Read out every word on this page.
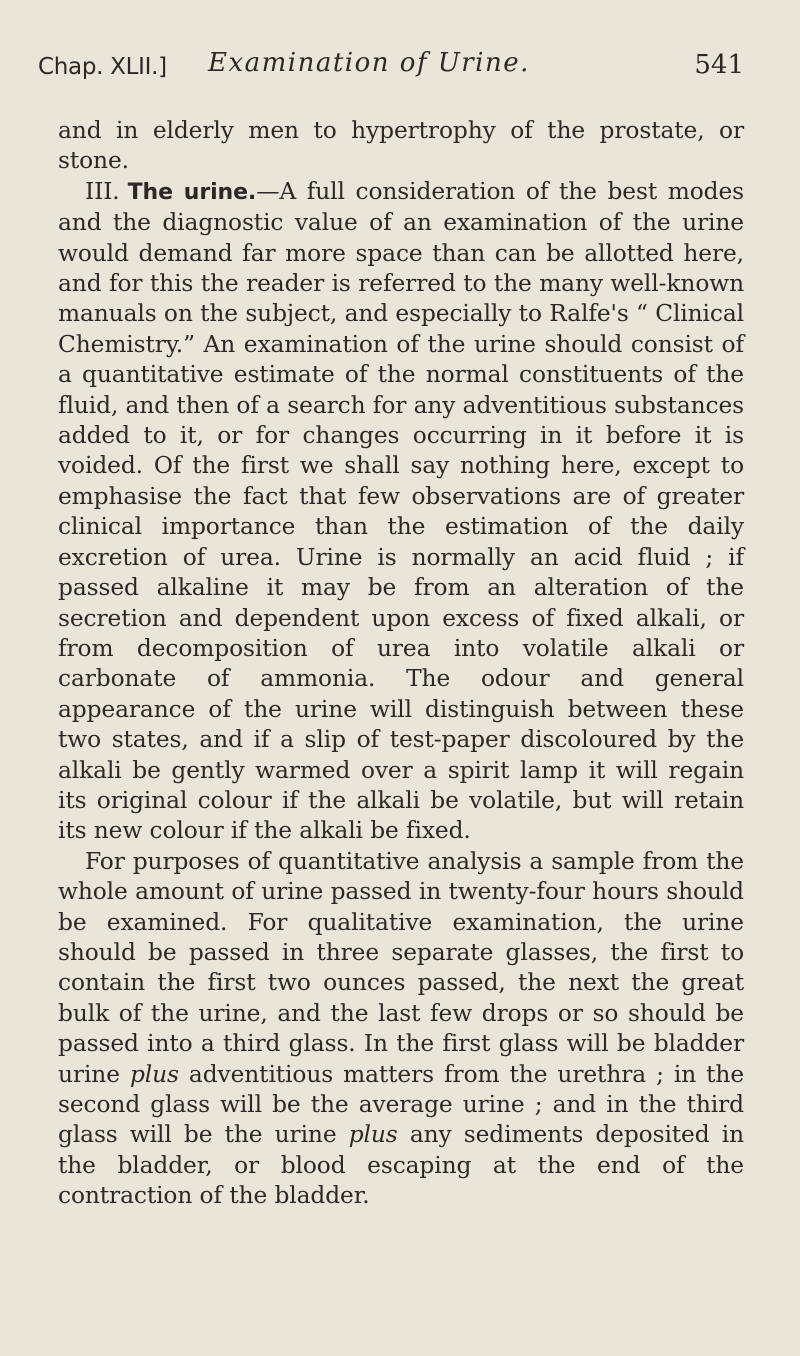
Chap. XLII.] Examination of Urine.	541

and in elderly men to hypertrophy of the prostate, or stone.

III. The urine.—A full consideration of the best modes and the diagnostic value of an examination of the urine would demand far more space than can be allotted here, and for this the reader is referred to the many well-known manuals on the subject, and especially to Ralfe's “ Clinical Chemistry.” An examination of the urine should consist of a quantitative estimate of the normal constituents of the fluid, and then of a search for any adventitious substances added to it, or for changes occurring in it before it is voided. Of the first we shall say nothing here, except to emphasise the fact that few observations are of greater clinical importance than the estimation of the daily excretion of urea. Urine is normally an acid fluid ; if passed alkaline it may be from an alteration of the secretion and dependent upon excess of fixed alkali, or from decomposition of urea into volatile alkali or carbonate of ammonia. The odour and general appearance of the urine will distinguish between these two states, and if a slip of test-paper discoloured by the alkali be gently warmed over a spirit lamp it will regain its original colour if the alkali be volatile, but will retain its new colour if the alkali be fixed.

For purposes of quantitative analysis a sample from the whole amount of urine passed in twenty-four hours should be examined. For qualitative examination, the urine should be passed in three separate glasses, the first to contain the first two ounces passed, the next the great bulk of the urine, and the last few drops or so should be passed into a third glass. In the first glass will be bladder urine plus adventitious matters from the urethra ; in the second glass will be the average urine ; and in the third glass will be the urine plus any sediments deposited in the bladder, or blood escaping at the end of the contraction of the bladder.
